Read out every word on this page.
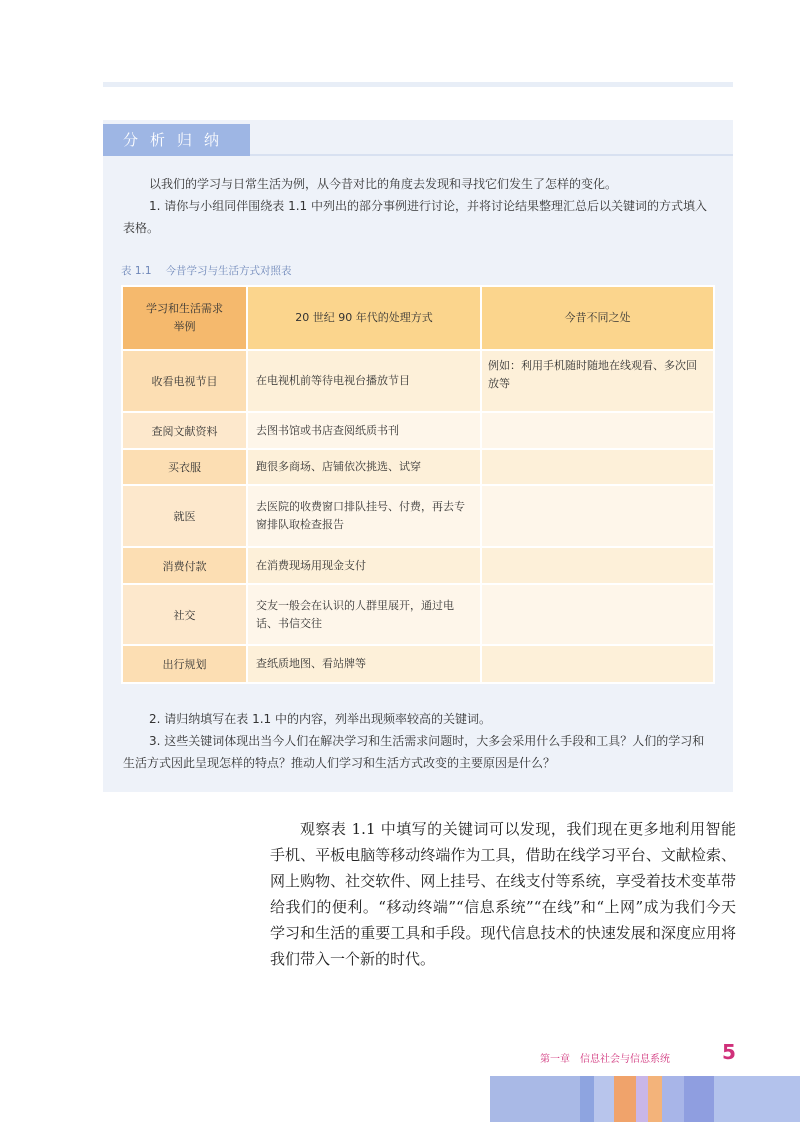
分析归纳

以我们的学习与日常生活为例，从今昔对比的角度去发现和寻找它们发生了怎样的变化。

1. 请你与小组同伴围绕表 1.1 中列出的部分事例进行讨论，并将讨论结果整理汇总后以关键词的方式填入表格。

表 1.1 今昔学习与生活方式对照表
学习和生活需求举例	20 世纪 90 年代的处理方式	今昔不同之处
收看电视节目	在电视机前等待电视台播放节目	例如：利用手机随时随地在线观看、多次回放等
查阅文献资料	去图书馆或书店查阅纸质书刊	
买衣服	跑很多商场、店铺依次挑选、试穿	
就医	去医院的收费窗口排队挂号、付费，再去专窗排队取检查报告	
消费付款	在消费现场用现金支付	
社交	交友一般会在认识的人群里展开，通过电话、书信交往	
出行规划	查纸质地图、看站牌等	

2. 请归纳填写在表 1.1 中的内容，列举出现频率较高的关键词。

3. 这些关键词体现出当今人们在解决学习和生活需求问题时，大多会采用什么手段和工具？人们的学习和生活方式因此呈现怎样的特点？推动人们学习和生活方式改变的主要原因是什么？

观察表 1.1 中填写的关键词可以发现，我们现在更多地利用智能手机、平板电脑等移动终端作为工具，借助在线学习平台、文献检索、网上购物、社交软件、网上挂号、在线支付等系统，享受着技术变革带给我们的便利。“移动终端”“信息系统”“在线”和“上网”成为我们今天学习和生活的重要工具和手段。现代信息技术的快速发展和深度应用将我们带入一个新的时代。

第一章　信息社会与信息系统	5
